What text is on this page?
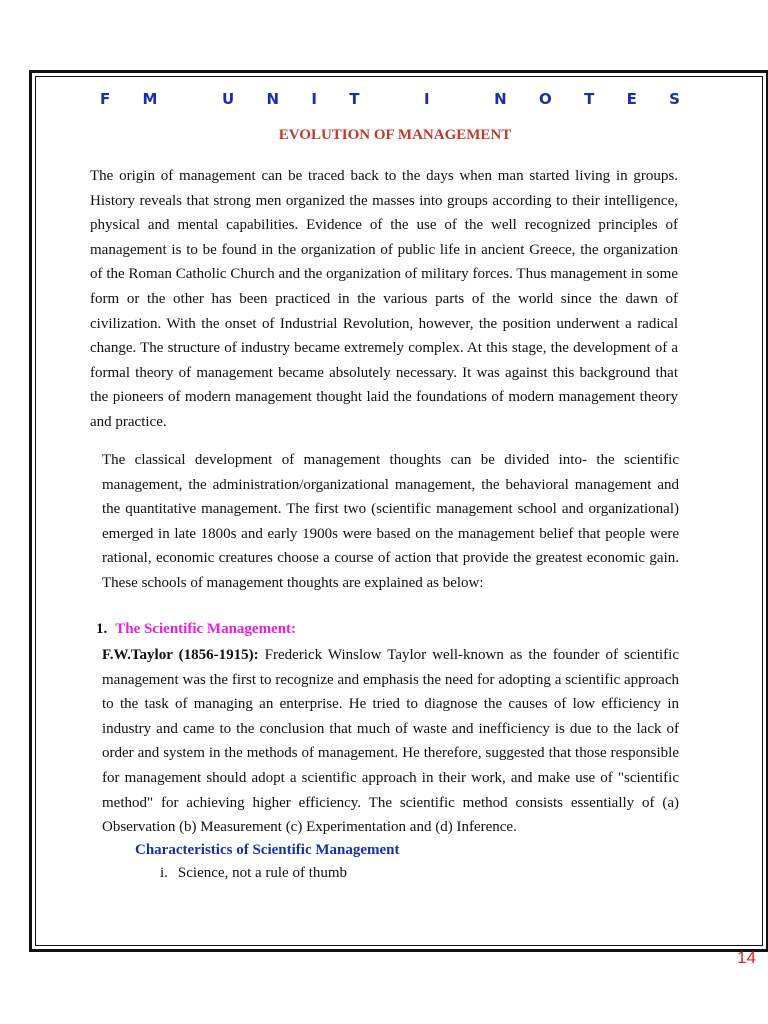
F M	U N I T	I	N O T E S
EVOLUTION OF MANAGEMENT

The origin of management can be traced back to the days when man started living in groups. History reveals that strong men organized the masses into groups according to their intelligence, physical and mental capabilities. Evidence of the use of the well recognized principles of management is to be found in the organization of public life in ancient Greece, the organization of the Roman Catholic Church and the organization of military forces. Thus management in some form or the other has been practiced in the various parts of the world since the dawn of civilization. With the onset of Industrial Revolution, however, the position underwent a radical change. The structure of industry became extremely complex. At this stage, the development of a formal theory of management became absolutely necessary. It was against this background that the pioneers of modern management thought laid the foundations of modern management theory and practice.

The classical development of management thoughts can be divided into- the scientific management, the administration/organizational management, the behavioral management and the quantitative management. The first two (scientific management school and organizational) emerged in late 1800s and early 1900s were based on the management belief that people were rational, economic creatures choose a course of action that provide the greatest economic gain. These schools of management thoughts are explained as below:

1. The Scientific Management:

F.W.Taylor (1856-1915): Frederick Winslow Taylor well-known as the founder of scientific management was the first to recognize and emphasis the need for adopting a scientific approach to the task of managing an enterprise. He tried to diagnose the causes of low efficiency in industry and came to the conclusion that much of waste and inefficiency is due to the lack of order and system in the methods of management. He therefore, suggested that those responsible for management should adopt a scientific approach in their work, and make use of "scientific method" for achieving higher efficiency. The scientific method consists essentially of (a) Observation (b) Measurement (c) Experimentation and (d) Inference.

Characteristics of Scientific Management
i. Science, not a rule of thumb
14
